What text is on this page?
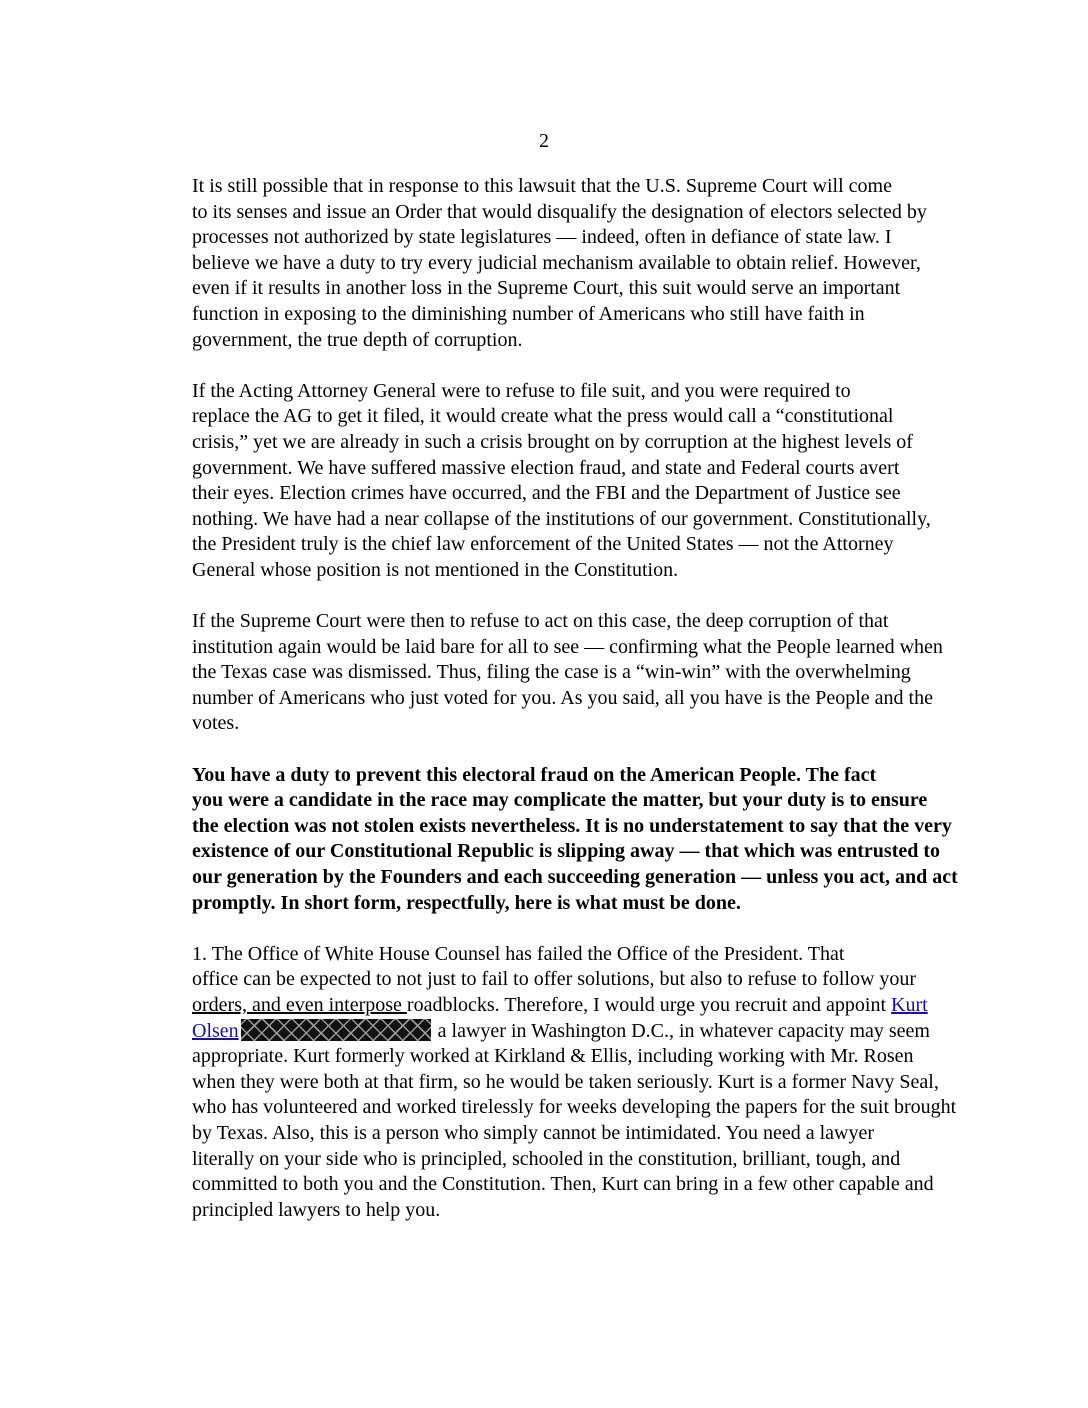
2

It is still possible that in response to this lawsuit that the U.S. Supreme Court will come
to its senses and issue an Order that would disqualify the designation of electors selected by
processes not authorized by state legislatures — indeed, often in defiance of state law. I
believe we have a duty to try every judicial mechanism available to obtain relief. However,
even if it results in another loss in the Supreme Court, this suit would serve an important
function in exposing to the diminishing number of Americans who still have faith in
government, the true depth of corruption.

If the Acting Attorney General were to refuse to file suit, and you were required to
replace the AG to get it filed, it would create what the press would call a “constitutional
crisis,” yet we are already in such a crisis brought on by corruption at the highest levels of
government. We have suffered massive election fraud, and state and Federal courts avert
their eyes. Election crimes have occurred, and the FBI and the Department of Justice see
nothing. We have had a near collapse of the institutions of our government. Constitutionally,
the President truly is the chief law enforcement of the United States — not the Attorney
General whose position is not mentioned in the Constitution.

If the Supreme Court were then to refuse to act on this case, the deep corruption of that
institution again would be laid bare for all to see — confirming what the People learned when
the Texas case was dismissed. Thus, filing the case is a “win-win” with the overwhelming
number of Americans who just voted for you. As you said, all you have is the People and the
votes.

You have a duty to prevent this electoral fraud on the American People. The fact
you were a candidate in the race may complicate the matter, but your duty is to ensure
the election was not stolen exists nevertheless. It is no understatement to say that the very
existence of our Constitutional Republic is slipping away — that which was entrusted to
our generation by the Founders and each succeeding generation — unless you act, and act
promptly. In short form, respectfully, here is what must be done.

1. The Office of White House Counsel has failed the Office of the President. That
office can be expected to not just to fail to offer solutions, but also to refuse to follow your
orders, and even interpose roadblocks. Therefore, I would urge you recruit and appoint Kurt
Olsen	a lawyer in Washington D.C., in whatever capacity may seem
appropriate. Kurt formerly worked at Kirkland & Ellis, including working with Mr. Rosen
when they were both at that firm, so he would be taken seriously. Kurt is a former Navy Seal,
who has volunteered and worked tirelessly for weeks developing the papers for the suit brought
by Texas. Also, this is a person who simply cannot be intimidated. You need a lawyer
literally on your side who is principled, schooled in the constitution, brilliant, tough, and
committed to both you and the Constitution. Then, Kurt can bring in a few other capable and
principled lawyers to help you.
